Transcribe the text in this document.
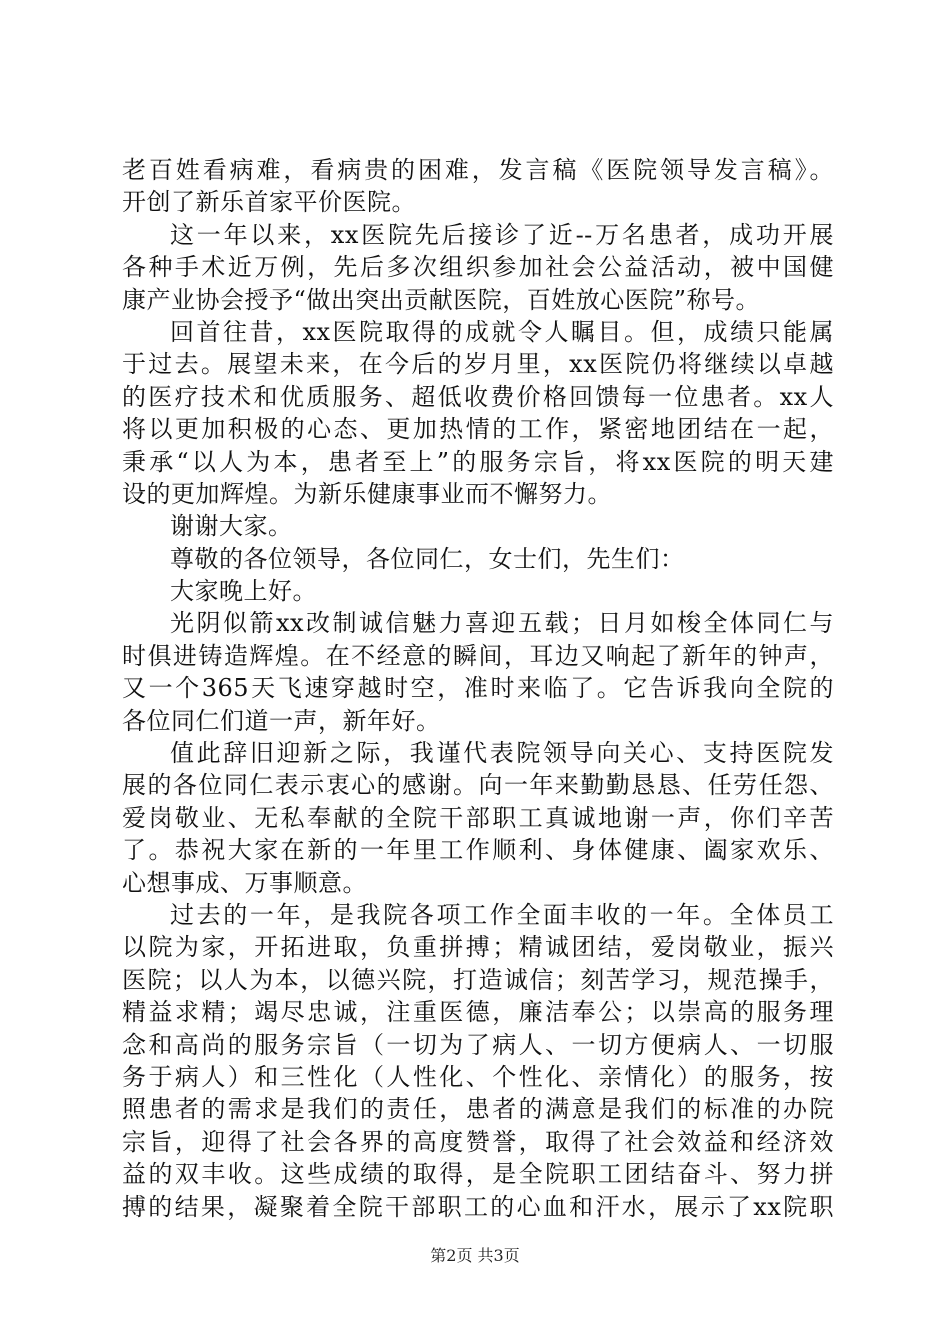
老百姓看病难，看病贵的困难，发言稿《医院领导发言稿》。
开创了新乐首家平价医院。
这一年以来，xx医院先后接诊了近--万名患者，成功开展
各种手术近万例，先后多次组织参加社会公益活动，被中国健
康产业协会授予“做出突出贡献医院，百姓放心医院”称号。
回首往昔，xx医院取得的成就令人瞩目。但，成绩只能属
于过去。展望未来，在今后的岁月里，xx医院仍将继续以卓越
的医疗技术和优质服务、超低收费价格回馈每一位患者。xx人
将以更加积极的心态、更加热情的工作，紧密地团结在一起，
秉承“以人为本，患者至上”的服务宗旨，将xx医院的明天建
设的更加辉煌。为新乐健康事业而不懈努力。
谢谢大家。
尊敬的各位领导，各位同仁，女士们，先生们：
大家晚上好。
光阴似箭xx改制诚信魅力喜迎五载；日月如梭全体同仁与
时俱进铸造辉煌。在不经意的瞬间，耳边又响起了新年的钟声，
又一个365天飞速穿越时空，准时来临了。它告诉我向全院的
各位同仁们道一声，新年好。
值此辞旧迎新之际，我谨代表院领导向关心、支持医院发
展的各位同仁表示衷心的感谢。向一年来勤勤恳恳、任劳任怨、
爱岗敬业、无私奉献的全院干部职工真诚地谢一声，你们辛苦
了。恭祝大家在新的一年里工作顺利、身体健康、阖家欢乐、
心想事成、万事顺意。
过去的一年，是我院各项工作全面丰收的一年。全体员工
以院为家，开拓进取，负重拼搏；精诚团结，爱岗敬业，振兴
医院；以人为本，以德兴院，打造诚信；刻苦学习，规范操手，
精益求精；竭尽忠诚，注重医德，廉洁奉公；以崇高的服务理
念和高尚的服务宗旨（一切为了病人、一切方便病人、一切服
务于病人）和三性化（人性化、个性化、亲情化）的服务，按
照患者的需求是我们的责任，患者的满意是我们的标准的办院
宗旨，迎得了社会各界的高度赞誉，取得了社会效益和经济效
益的双丰收。这些成绩的取得，是全院职工团结奋斗、努力拼
搏的结果，凝聚着全院干部职工的心血和汗水，展示了xx院职
第2页 共3页
